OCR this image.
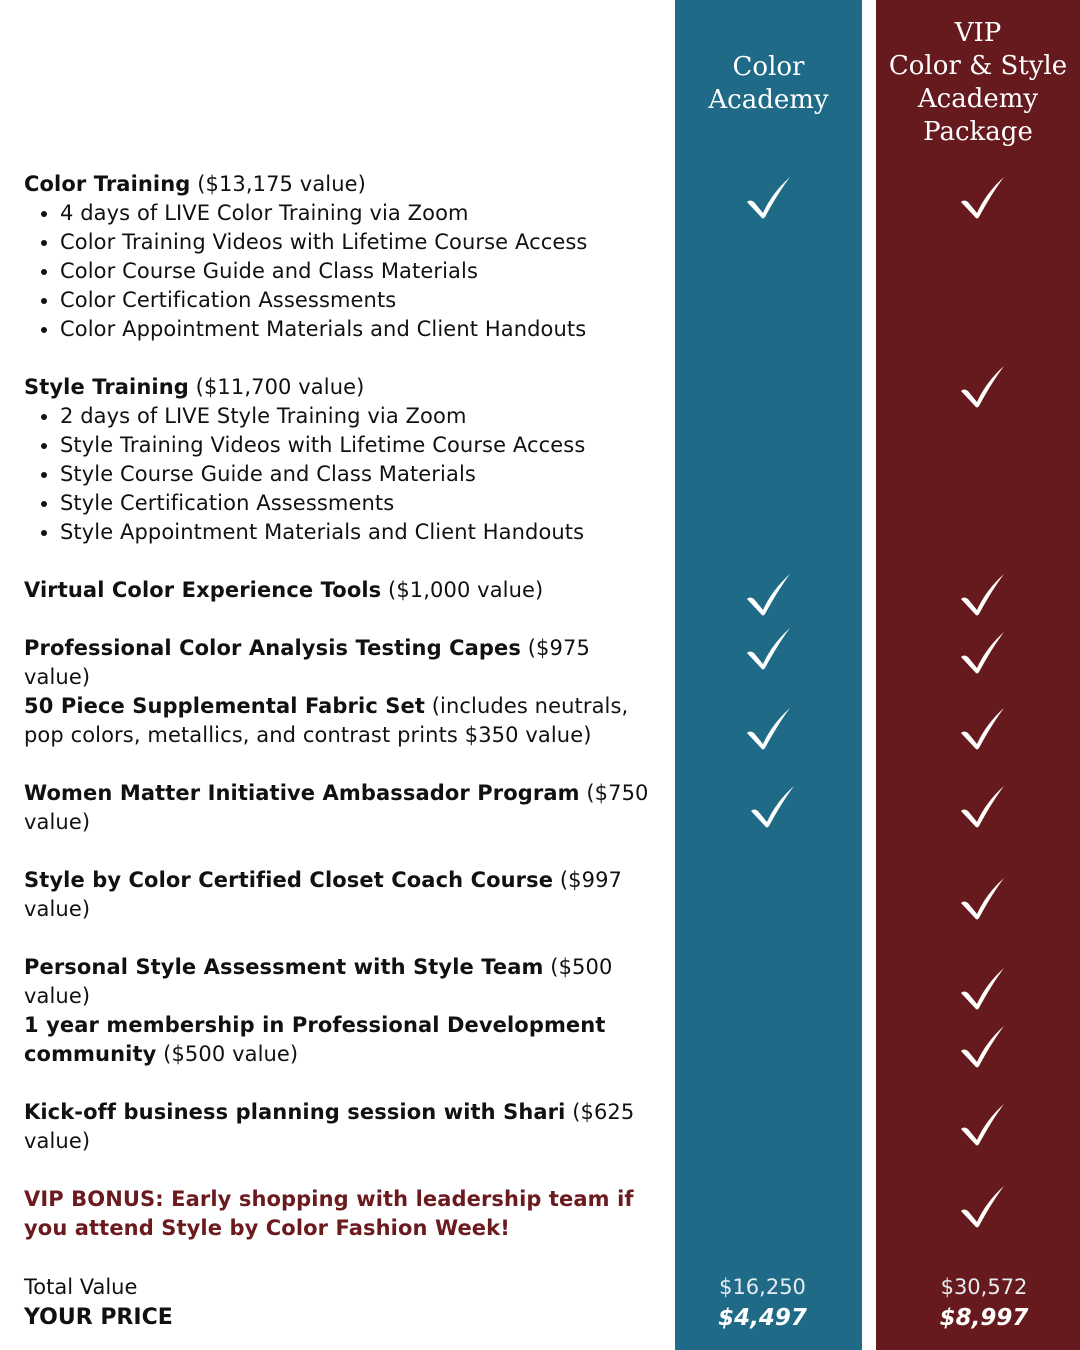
Color
Academy
VIP
Color & Style
Academy
Package
Color Training ($13,175 value)
• 4 days of LIVE Color Training via Zoom
• Color Training Videos with Lifetime Course Access
• Color Course Guide and Class Materials
• Color Certification Assessments
• Color Appointment Materials and Client Handouts
Style Training ($11,700 value)
• 2 days of LIVE Style Training via Zoom
• Style Training Videos with Lifetime Course Access
• Style Course Guide and Class Materials
• Style Certification Assessments
• Style Appointment Materials and Client Handouts
Virtual Color Experience Tools ($1,000 value)
Professional Color Analysis Testing Capes ($975 value)
50 Piece Supplemental Fabric Set (includes neutrals, pop colors, metallics, and contrast prints $350 value)
Women Matter Initiative Ambassador Program ($750 value)
Style by Color Certified Closet Coach Course ($997 value)
Personal Style Assessment with Style Team ($500 value)
1 year membership in Professional Development community ($500 value)
Kick-off business planning session with Shari ($625 value)
VIP BONUS: Early shopping with leadership team if you attend Style by Color Fashion Week!
Total Value
YOUR PRICE
$16,250
$4,497
$30,572
$8,997
